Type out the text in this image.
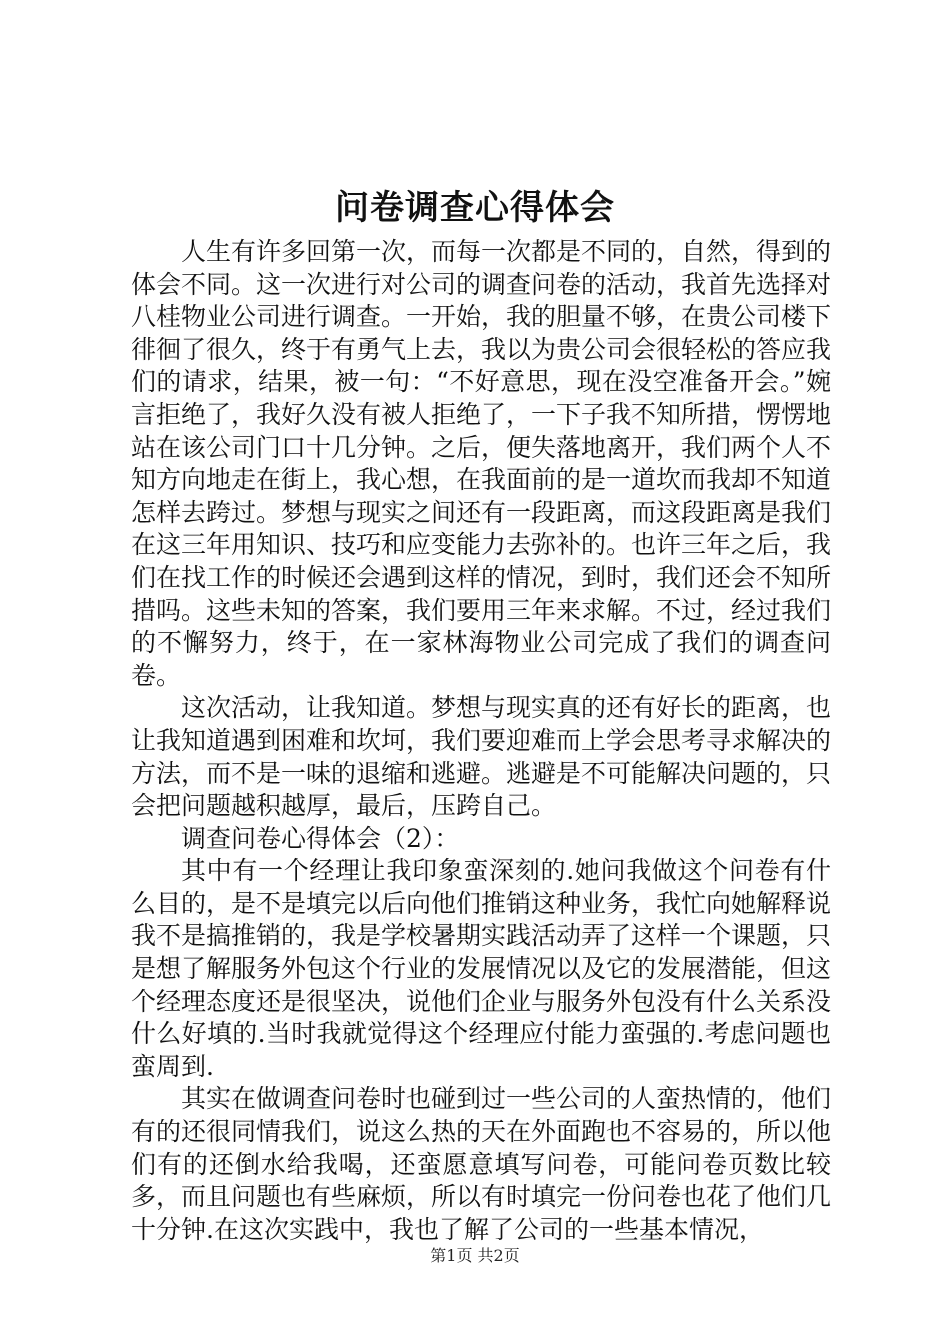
问卷调查心得体会

人生有许多回第一次，而每一次都是不同的，自然，得到的体会不同。这一次进行对公司的调查问卷的活动，我首先选择对八桂物业公司进行调查。一开始，我的胆量不够，在贵公司楼下徘徊了很久，终于有勇气上去，我以为贵公司会很轻松的答应我们的请求，结果，被一句：“不好意思，现在没空准备开会。”婉言拒绝了，我好久没有被人拒绝了，一下子我不知所措，愣愣地站在该公司门口十几分钟。之后，便失落地离开，我们两个人不知方向地走在街上，我心想，在我面前的是一道坎而我却不知道怎样去跨过。梦想与现实之间还有一段距离，而这段距离是我们在这三年用知识、技巧和应变能力去弥补的。也许三年之后，我们在找工作的时候还会遇到这样的情况，到时，我们还会不知所措吗。这些未知的答案，我们要用三年来求解。不过，经过我们的不懈努力，终于，在一家林海物业公司完成了我们的调查问卷。

这次活动，让我知道。梦想与现实真的还有好长的距离，也让我知道遇到困难和坎坷，我们要迎难而上学会思考寻求解决的方法，而不是一味的退缩和逃避。逃避是不可能解决问题的，只会把问题越积越厚，最后，压跨自己。

调查问卷心得体会（2）：

其中有一个经理让我印象蛮深刻的.她问我做这个问卷有什么目的，是不是填完以后向他们推销这种业务，我忙向她解释说我不是搞推销的，我是学校暑期实践活动弄了这样一个课题，只是想了解服务外包这个行业的发展情况以及它的发展潜能，但这个经理态度还是很坚决，说他们企业与服务外包没有什么关系没什么好填的.当时我就觉得这个经理应付能力蛮强的.考虑问题也蛮周到.

其实在做调查问卷时也碰到过一些公司的人蛮热情的，他们有的还很同情我们，说这么热的天在外面跑也不容易的，所以他们有的还倒水给我喝，还蛮愿意填写问卷，可能问卷页数比较多，而且问题也有些麻烦，所以有时填完一份问卷也花了他们几十分钟.在这次实践中，我也了解了公司的一些基本情况，

第1页 共2页
